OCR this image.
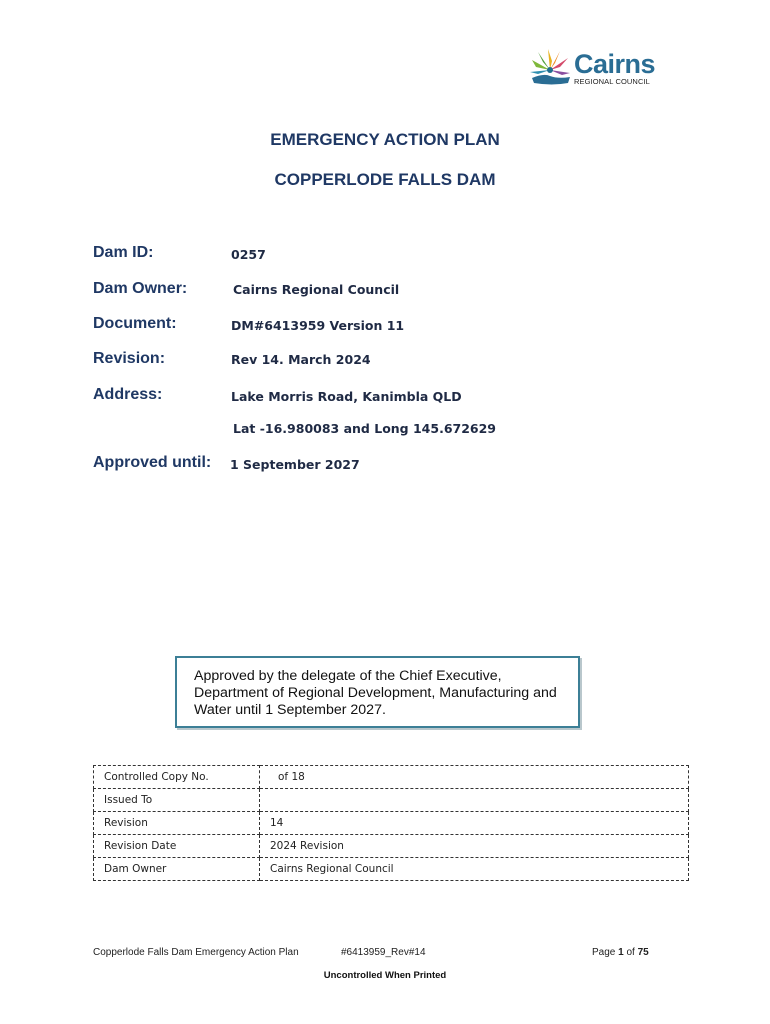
Cairns
REGIONAL COUNCIL
EMERGENCY ACTION PLAN
COPPERLODE FALLS DAM
Dam ID:	0257
Dam Owner:	Cairns Regional Council
Document:	DM#6413959 Version 11
Revision:	Rev 14. March 2024
Address:	Lake Morris Road, Kanimbla QLD
Lat -16.980083 and Long 145.672629
Approved until: 1 September 2027

Approved by the delegate of the Chief Executive, Department of Regional Development, Manufacturing and Water until 1 September 2027.

Controlled Copy No.	of 18
Issued To	
Revision	14
Revision Date	2024 Revision
Dam Owner	Cairns Regional Council
Copperlode Falls Dam Emergency Action Plan	#6413959_Rev#14	Page 1 of 75
Uncontrolled When Printed
